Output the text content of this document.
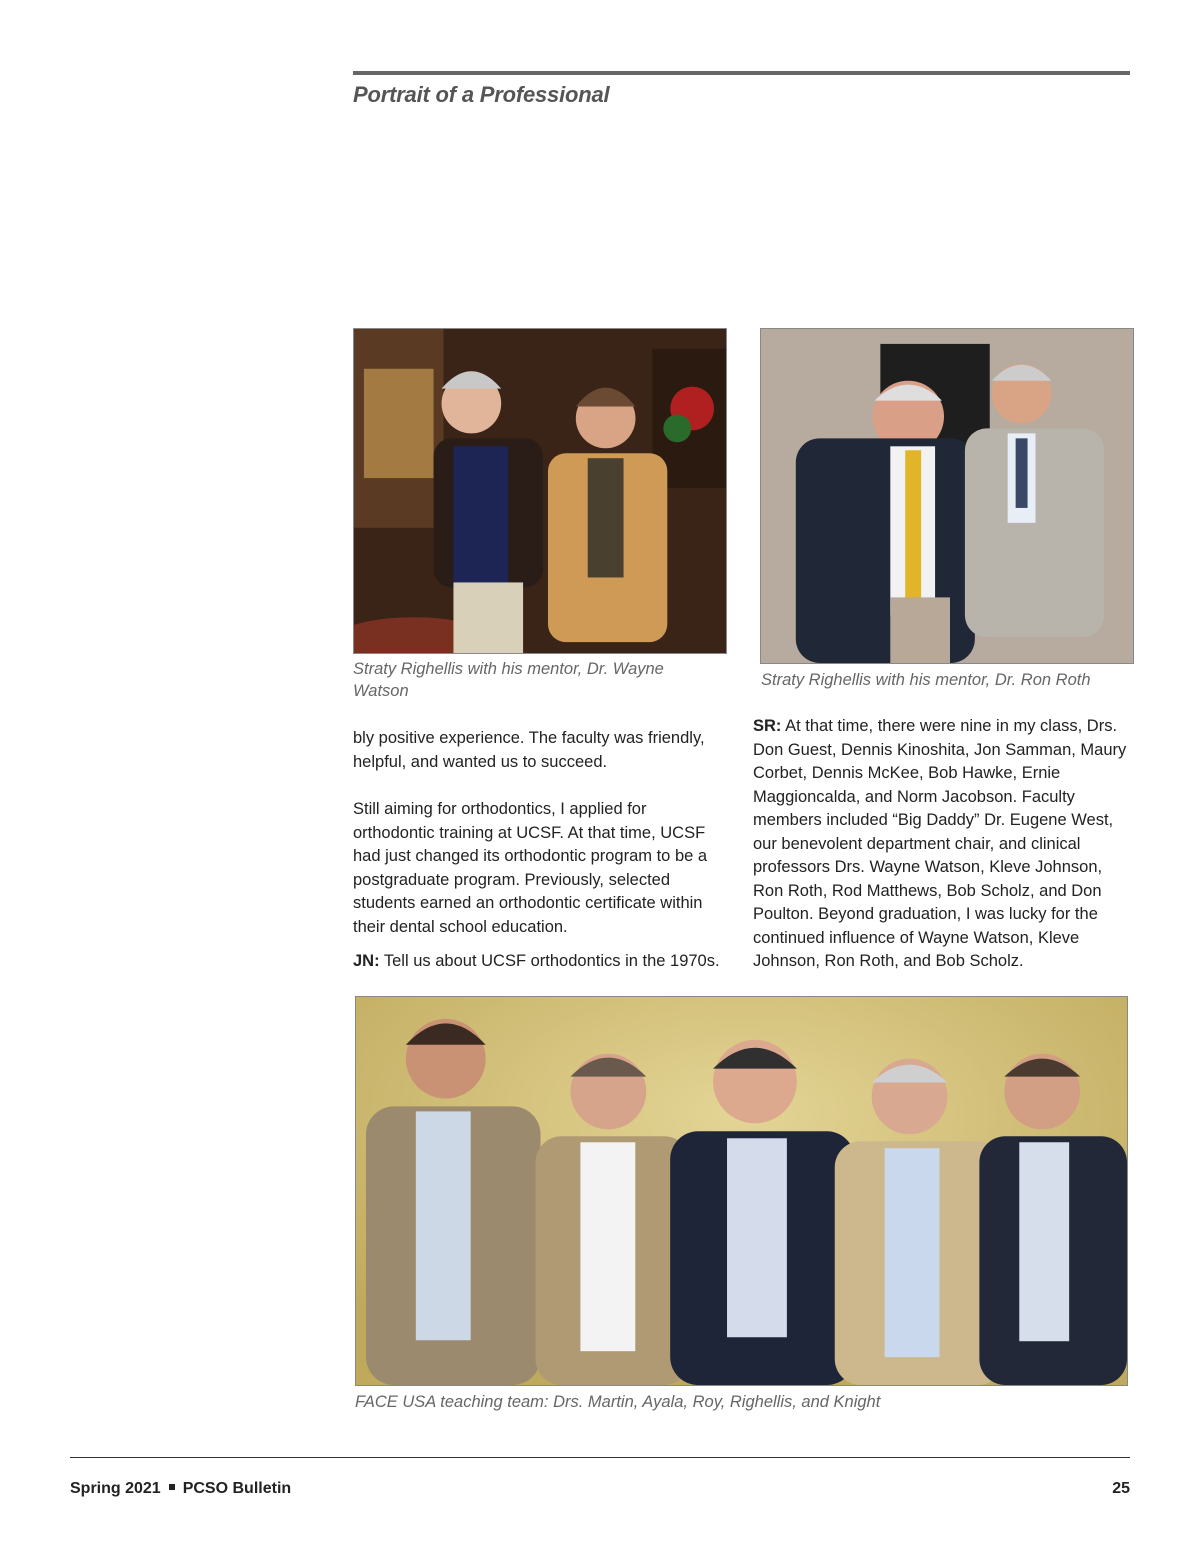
Portrait of a Professional
Straty Righellis with his mentor, Dr. Wayne Watson
Straty Righellis with his mentor, Dr. Ron Roth

bly positive experience. The faculty was friendly, helpful, and wanted us to succeed.

Still aiming for orthodontics, I applied for orthodontic training at UCSF. At that time, UCSF had just changed its orthodontic program to be a postgraduate program. Previously, selected students earned an orthodontic certificate within their dental school education.

JN: Tell us about UCSF orthodontics in the 1970s.

SR: At that time, there were nine in my class, Drs. Don Guest, Dennis Kinoshita, Jon Samman, Maury Corbet, Dennis McKee, Bob Hawke, Ernie Maggioncalda, and Norm Jacobson. Faculty members included “Big Daddy” Dr. Eugene West, our benevolent department chair, and clinical professors Drs. Wayne Watson, Kleve Johnson, Ron Roth, Rod Matthews, Bob Scholz, and Don Poulton. Beyond graduation, I was lucky for the continued influence of Wayne Watson, Kleve Johnson, Ron Roth, and Bob Scholz.

FACE USA teaching team: Drs. Martin, Ayala, Roy, Righellis, and Knight
Spring 2021 PCSO Bulletin	25
